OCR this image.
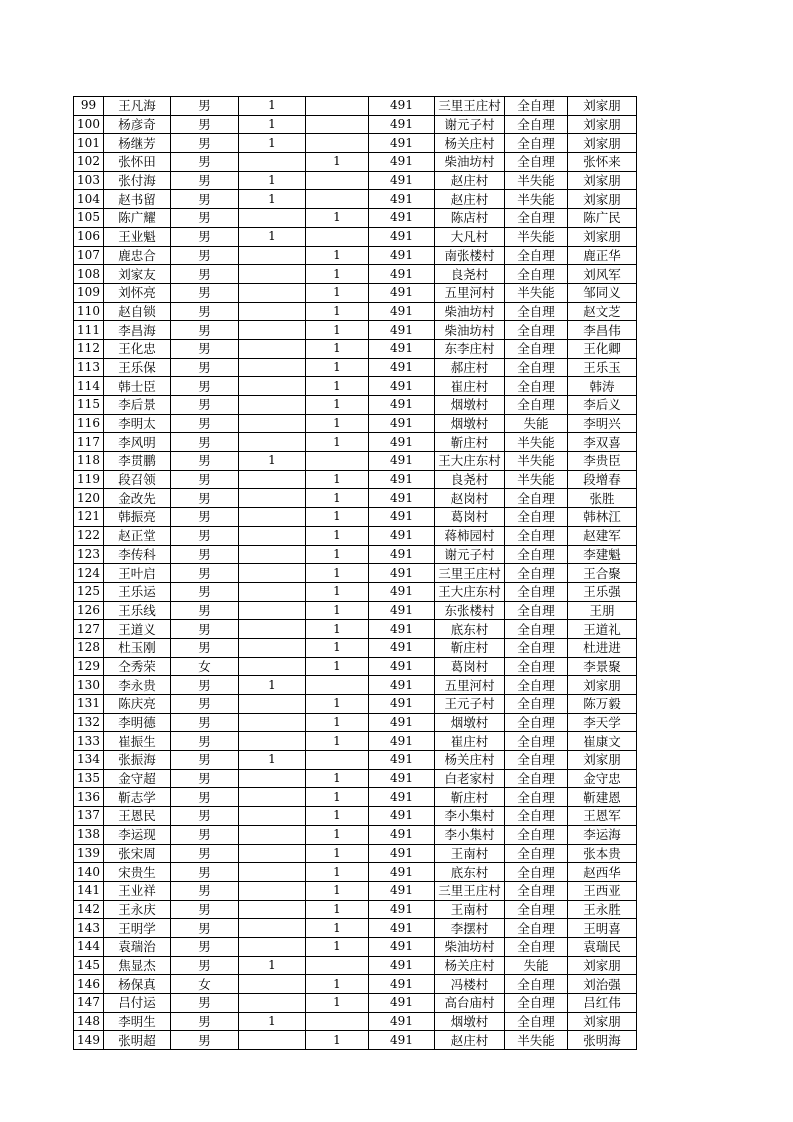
99	王凡海	男	1		491	三里王庄村	全自理	刘家朋
100	杨彦奇	男	1		491	谢元子村	全自理	刘家朋
101	杨继芳	男	1		491	杨关庄村	全自理	刘家朋
102	张怀田	男		1	491	柴油坊村	全自理	张怀来
103	张付海	男	1		491	赵庄村	半失能	刘家朋
104	赵书留	男	1		491	赵庄村	半失能	刘家朋
105	陈广耀	男		1	491	陈店村	全自理	陈广民
106	王业魁	男	1		491	大凡村	半失能	刘家朋
107	鹿忠合	男		1	491	南张楼村	全自理	鹿正华
108	刘家友	男		1	491	良尧村	全自理	刘风军
109	刘怀亮	男		1	491	五里河村	半失能	邹同义
110	赵自锁	男		1	491	柴油坊村	全自理	赵文芝
111	李昌海	男		1	491	柴油坊村	全自理	李昌伟
112	王化忠	男		1	491	东李庄村	全自理	王化卿
113	王乐保	男		1	491	郝庄村	全自理	王乐玉
114	韩士臣	男		1	491	崔庄村	全自理	韩涛
115	李后景	男		1	491	烟墩村	全自理	李后义
116	李明太	男		1	491	烟墩村	失能	李明兴
117	李风明	男		1	491	靳庄村	半失能	李双喜
118	李贯鹏	男	1		491	王大庄东村	半失能	李贵臣
119	段召领	男		1	491	良尧村	半失能	段增春
120	金改先	男		1	491	赵岗村	全自理	张胜
121	韩振亮	男		1	491	葛岗村	全自理	韩林江
122	赵正堂	男		1	491	蒋柿园村	全自理	赵建军
123	李传科	男		1	491	谢元子村	全自理	李建魁
124	王叶启	男		1	491	三里王庄村	全自理	王合聚
125	王乐运	男		1	491	王大庄东村	全自理	王乐强
126	王乐线	男		1	491	东张楼村	全自理	王朋
127	王道义	男		1	491	底东村	全自理	王道礼
128	杜玉刚	男		1	491	靳庄村	全自理	杜进进
129	仝秀荣	女		1	491	葛岗村	全自理	李景聚
130	李永贵	男	1		491	五里河村	全自理	刘家朋
131	陈庆亮	男		1	491	王元子村	全自理	陈万毅
132	李明德	男		1	491	烟墩村	全自理	李天学
133	崔振生	男		1	491	崔庄村	全自理	崔康文
134	张振海	男	1		491	杨关庄村	全自理	刘家朋
135	金守超	男		1	491	白老家村	全自理	金守忠
136	靳志学	男		1	491	靳庄村	全自理	靳建恩
137	王恩民	男		1	491	李小集村	全自理	王恩军
138	李运现	男		1	491	李小集村	全自理	李运海
139	张宋周	男		1	491	王南村	全自理	张本贵
140	宋贵生	男		1	491	底东村	全自理	赵西华
141	王业祥	男		1	491	三里王庄村	全自理	王西亚
142	王永庆	男		1	491	王南村	全自理	王永胜
143	王明学	男		1	491	李摆村	全自理	王明喜
144	袁瑞治	男		1	491	柴油坊村	全自理	袁瑞民
145	焦显杰	男	1		491	杨关庄村	失能	刘家朋
146	杨保真	女		1	491	冯楼村	全自理	刘治强
147	吕付运	男		1	491	高台庙村	全自理	吕红伟
148	李明生	男	1		491	烟墩村	全自理	刘家朋
149	张明超	男		1	491	赵庄村	半失能	张明海
